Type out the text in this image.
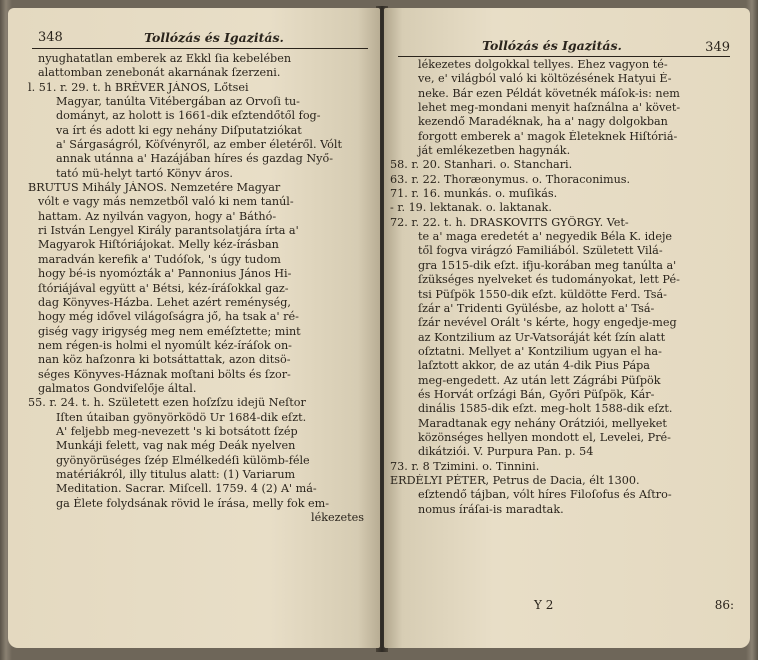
348	Tollózás és Igazitás.
nyughatatlan emberek az Ekkl ſia kebelében
alattomban zenebonát akarnának ſzerzeni.
l. 51. r. 29. t. h BRÉVER JÁNOS, Lőtsei
Magyar, tanúlta Vitébergában az Orvoſi tu-
dományt, az holott is 1661-dik eſztendőtől fog-
va írt és adott ki egy nehány Diſputatziókat
a' Sárgaságról, Köſvényről, az ember életéről. Vólt
annak utánna a' Hazájában híres és gazdag Nyő-
tató mü-helyt tartó Könyv áros.
BRUTUS Mihály JÁNOS. Nemzetére Magyar
vólt e vagy más nemzetből való ki nem tanúl-
hattam. Az nyilván vagyon, hogy a' Báthó-
ri István Lengyel Király parantsolatjára írta a'
Magyarok Hiſtóriájokat. Melly kéz-írásban
maradván kerefik a' Tudóſok, 's úgy tudom
hogy bé-is nyomózták a' Pannonius János Hi-
ſtóriájával együtt a' Bétsi, kéz-íráſokkal gaz-
dag Könyves-Házba. Lehet azért reménység,
hogy még idővel világoſságra jő, ha tsak a' ré-
giség vagy irigység meg nem eméſztette; mint
nem régen-is holmi el nyomúlt kéz-íráſok on-
nan köz haſzonra ki botsáttattak, azon ditsö-
séges Könyves-Háznak moſtani bölts és ſzor-
galmatos Gondviſelője által.
55. r. 24. t. h. Született ezen hoſzſzu idejü Neſtor
Iſten útaiban gyönyörködö Ur 1684-dik eſzt.
A' feljebb meg-nevezett 's ki botsátott ſzép
Munkáji felett, vag nak még Deák nyelven
gyönyörüséges ſzép Elmélkedéſi külömb-féle
matériákról, illy titulus alatt: (1) Variarum
Meditation. Sacrar. Miſcell. 1759. 4 (2) A' má-
ga Élete folydsának rövid le írása, melly fok em-
lékezetes
Tollózás és Igazitás.	349
lékezetes dolgokkal tellyes. Ehez vagyon té-
ve, e' világból való ki költözésének Hatyui É-
neke. Bár ezen Példát követnék máſok-is: nem
lehet meg-mondani menyit haſználna a' követ-
kezendő Maradéknak, ha a' nagy dolgokban
forgott emberek a' magok Életeknek Hiſtóriá-
ját emlékezetben hagynák.
58. r. 20. Stanhari. o. Stanchari.
63. r. 22. Thoræonymus. o. Thoraconimus.
71. r. 16. munkás. o. muſikás.
- r. 19. lektanak. o. laktanak.
72. r. 22. t. h. DRASKOVITS GYÖRGY. Vet-
te a' maga eredetét a' negyedik Béla K. ideje
től fogva virágzó Familiából. Született Vilá-
gra 1515-dik eſzt. ifju-korában meg tanúlta a'
ſzükséges nyelveket és tudományokat, lett Pé-
tsi Püſpök 1550-dik eſzt. küldötte Ferd. Tsá-
ſzár a' Tridenti Gyülésbe, az holott a' Tsá-
ſzár nevével Orált 's kérte, hogy engedje-meg
az Kontzilium az Ur-Vatsoráját két ſzín alatt
oſztatni. Mellyet a' Kontzilium ugyan el ha-
laſztott akkor, de az után 4-dik Pius Pápa
meg-engedett. Az után lett Zágrábi Püſpök
és Horvát orſzági Bán, Győri Püſpök, Kár-
dinális 1585-dik eſzt. meg-holt 1588-dik eſzt.
Maradtanak egy nehány Orátziói, mellyeket
közönséges hellyen mondott el, Levelei, Pré-
dikátziói. V. Purpura Pan. p. 54
73. r. 8 Tzimini. o. Tinnini.
ERDÉLYI PÉTER, Petrus de Dacia, élt 1300.
eſztendő tájban, vólt híres Filoſofus és Aſtro-
nomus íráſai-is maradtak.
Y 2	86:
